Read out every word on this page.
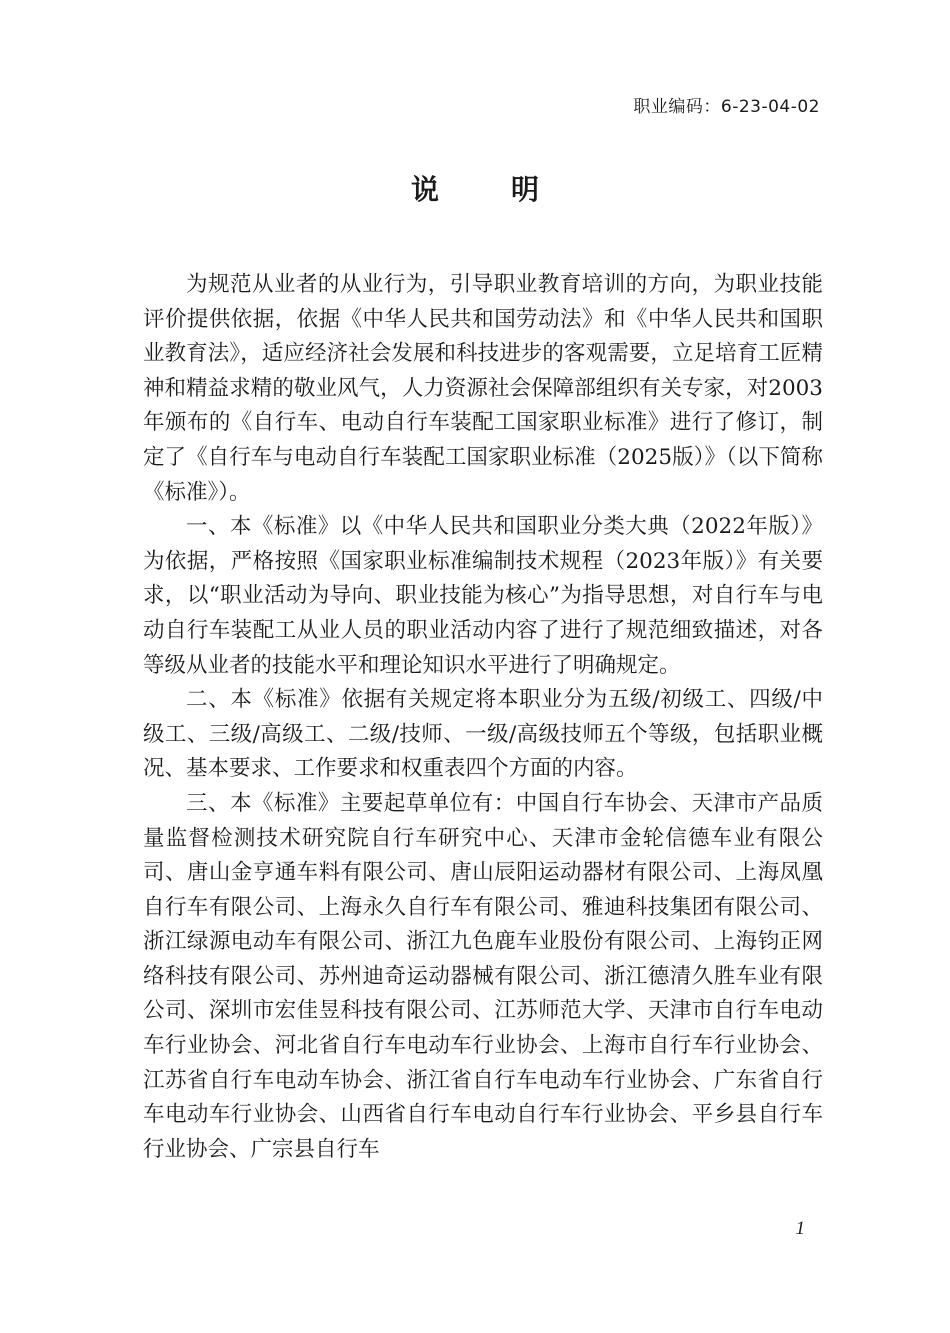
职业编码：6-23-04-02
说明

为规范从业者的从业行为，引导职业教育培训的方向，为职业技能评价提供依据，依据《中华人民共和国劳动法》和《中华人民共和国职业教育法》，适应经济社会发展和科技进步的客观需要，立足培育工匠精神和精益求精的敬业风气，人力资源社会保障部组织有关专家，对2003年颁布的《自行车、电动自行车装配工国家职业标准》进行了修订，制定了《自行车与电动自行车装配工国家职业标准（2025版）》（以下简称《标准》）。

一、本《标准》以《中华人民共和国职业分类大典（2022年版）》为依据，严格按照《国家职业标准编制技术规程（2023年版）》有关要求，以“职业活动为导向、职业技能为核心”为指导思想，对自行车与电动自行车装配工从业人员的职业活动内容了进行了规范细致描述，对各等级从业者的技能水平和理论知识水平进行了明确规定。

二、本《标准》依据有关规定将本职业分为五级/初级工、四级/中级工、三级/高级工、二级/技师、一级/高级技师五个等级，包括职业概况、基本要求、工作要求和权重表四个方面的内容。

三、本《标准》主要起草单位有：中国自行车协会、天津市产品质量监督检测技术研究院自行车研究中心、天津市金轮信德车业有限公司、唐山金亨通车料有限公司、唐山辰阳运动器材有限公司、上海凤凰自行车有限公司、上海永久自行车有限公司、雅迪科技集团有限公司、浙江绿源电动车有限公司、浙江九色鹿车业股份有限公司、上海钧正网络科技有限公司、苏州迪奇运动器械有限公司、浙江德清久胜车业有限公司、深圳市宏佳昱科技有限公司、江苏师范大学、天津市自行车电动车行业协会、河北省自行车电动车行业协会、上海市自行车行业协会、江苏省自行车电动车协会、浙江省自行车电动车行业协会、广东省自行车电动车行业协会、山西省自行车电动自行车行业协会、平乡县自行车行业协会、广宗县自行车

1
